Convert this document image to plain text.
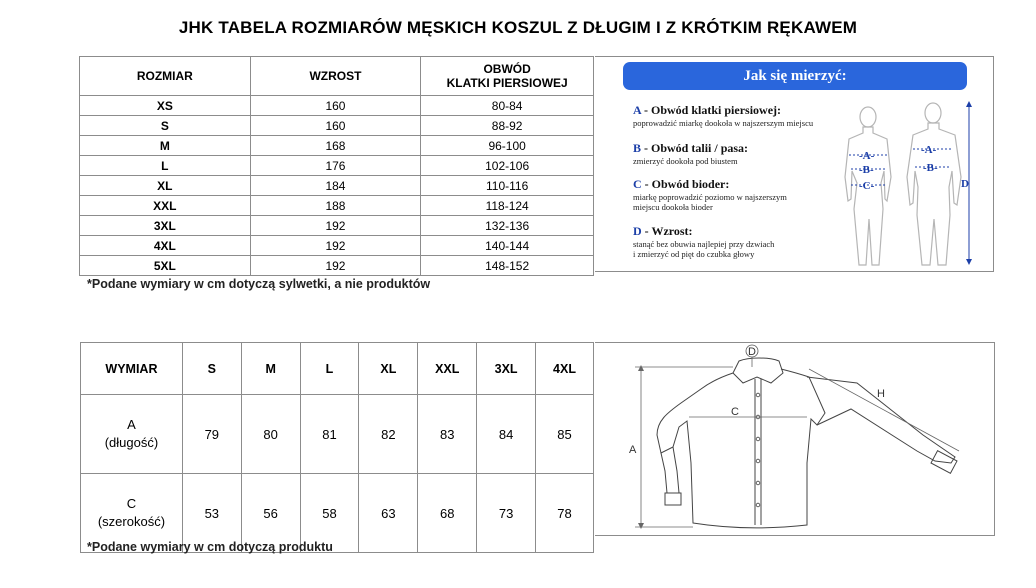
JHK TABELA ROZMIARÓW MĘSKICH KOSZUL Z DŁUGIM I Z KRÓTKIM RĘKAWEM
ROZMIAR	WZROST	OBWÓD
KLATKI PIERSIOWEJ

XS	160	80-84
S	160	88-92
M	168	96-100
L	176	102-106
XL	184	110-116
XXL	188	118-124
3XL	192	132-136
4XL	192	140-144
5XL	192	148-152
Jak się mierzyć:
A - Obwód klatki piersiowej:
poprowadzić miarkę dookoła w najszerszym miejscu
B - Obwód talii / pasa:
zmierzyć dookoła pod biustem
C - Obwód bioder:
miarkę poprowadzić poziomo w najszerszym
miejscu dookoła bioder
D - Wzrost:
stanąć bez obuwia najlepiej przy dzwiach
i zmierzyć od pięt do czubka głowy
-A-
-B-
-C-
-A-
-B-
D
*Podane wymiary w cm dotyczą sylwetki, a nie produktów
WYMIAR	S	M	L	XL	XXL	3XL	4XL

A
(długość)	79	80	81	82	83	84	85

C
(szerokość)	53	56	58	63	68	73	78
D
C
A
H
*Podane wymiary w cm dotyczą produktu
